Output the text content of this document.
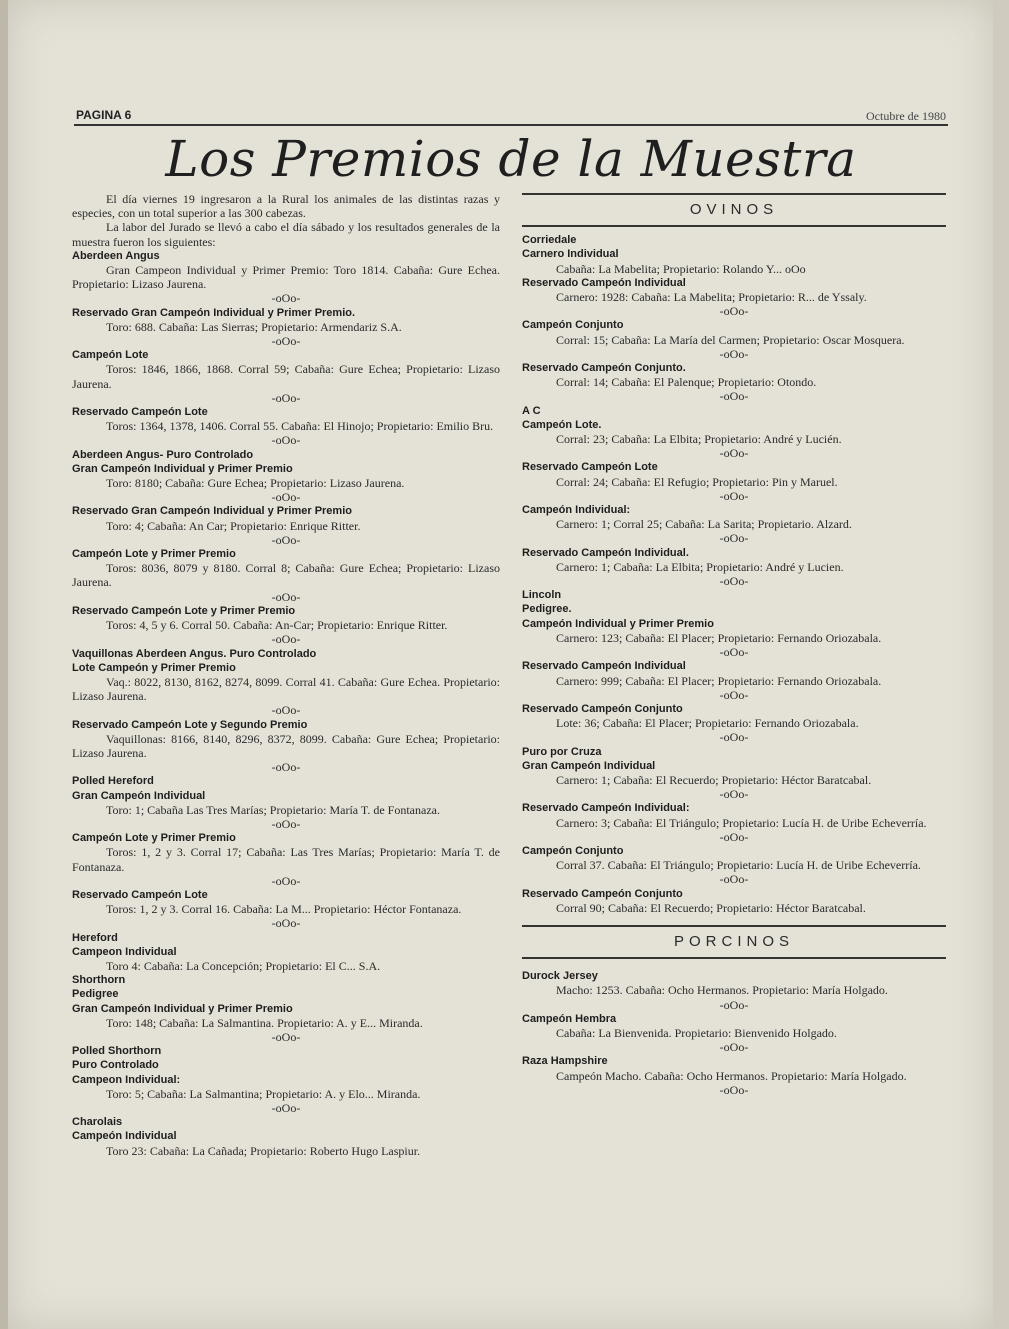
PAGINA 6	Octubre de 1980
Los Premios de la Muestra

El día viernes 19 ingresaron a la Rural los animales de las distintas razas y especies, con un total superior a las 300 cabezas.

La labor del Jurado se llevó a cabo el día sábado y los resultados generales de la muestra fueron los siguientes:

Aberdeen Angus

Gran Campeon Individual y Primer Premio: Toro 1814. Cabaña: Gure Echea. Propietario: Lizaso Jaurena.

-oOo-

Reservado Gran Campeón Individual y Primer Premio.

Toro: 688. Cabaña: Las Sierras; Propietario: Armendariz S.A.

-oOo-

Campeón Lote

Toros: 1846, 1866, 1868. Corral 59; Cabaña: Gure Echea; Propietario: Lizaso Jaurena.

-oOo-

Reservado Campeón Lote

Toros: 1364, 1378, 1406. Corral 55. Cabaña: El Hinojo; Propietario: Emilio Bru.

-oOo-

Aberdeen Angus- Puro Controlado

Gran Campeón Individual y Primer Premio

Toro: 8180; Cabaña: Gure Echea; Propietario: Lizaso Jaurena.

-oOo-

Reservado Gran Campeón Individual y Primer Premio

Toro: 4; Cabaña: An Car; Propietario: Enrique Ritter.

-oOo-

Campeón Lote y Primer Premio

Toros: 8036, 8079 y 8180. Corral 8; Cabaña: Gure Echea; Propietario: Lizaso Jaurena.

-oOo-

Reservado Campeón Lote y Primer Premio

Toros: 4, 5 y 6. Corral 50. Cabaña: An-Car; Propietario: Enrique Ritter.

-oOo-

Vaquillonas Aberdeen Angus. Puro Controlado

Lote Campeón y Primer Premio

Vaq.: 8022, 8130, 8162, 8274, 8099. Corral 41. Cabaña: Gure Echea. Propietario: Lizaso Jaurena.

-oOo-

Reservado Campeón Lote y Segundo Premio

Vaquillonas: 8166, 8140, 8296, 8372, 8099. Cabaña: Gure Echea; Propietario: Lizaso Jaurena.

-oOo-

Polled Hereford

Gran Campeón Individual

Toro: 1; Cabaña Las Tres Marías; Propietario: María T. de Fontanaza.

-oOo-

Campeón Lote y Primer Premio

Toros: 1, 2 y 3. Corral 17; Cabaña: Las Tres Marías; Propietario: María T. de Fontanaza.

-oOo-

Reservado Campeón Lote

Toros: 1, 2 y 3. Corral 16. Cabaña: La M... Propietario: Héctor Fontanaza.

-oOo-

Hereford

Campeon Individual

Toro 4: Cabaña: La Concepción; Propietario: El C... S.A.

Shorthorn

Pedigree

Gran Campeón Individual y Primer Premio

Toro: 148; Cabaña: La Salmantina. Propietario: A. y E... Miranda.

-oOo-

Polled Shorthorn

Puro Controlado

Campeon Individual:

Toro: 5; Cabaña: La Salmantina; Propietario: A. y Elo... Miranda.

-oOo-

Charolais

Campeón Individual

Toro 23: Cabaña: La Cañada; Propietario: Roberto Hugo Laspiur.

OVINOS

Corriedale

Carnero Individual

Cabaña: La Mabelita; Propietario: Rolando Y... oOo

Reservado Campeón Individual

Carnero: 1928: Cabaña: La Mabelita; Propietario: R... de Yssaly.

-oOo-

Campeón Conjunto

Corral: 15; Cabaña: La María del Carmen; Propietario: Oscar Mosquera.

-oOo-

Reservado Campeón Conjunto.

Corral: 14; Cabaña: El Palenque; Propietario: Otondo.

-oOo-

A C

Campeón Lote.

Corral: 23; Cabaña: La Elbita; Propietario: André y Lucién.

-oOo-

Reservado Campeón Lote

Corral: 24; Cabaña: El Refugio; Propietario: Pin y Maruel.

-oOo-

Campeón Individual:

Carnero: 1; Corral 25; Cabaña: La Sarita; Propietario. Alzard.

-oOo-

Reservado Campeón Individual.

Carnero: 1; Cabaña: La Elbita; Propietario: André y Lucien.

-oOo-

Lincoln

Pedigree.

Campeón Individual y Primer Premio

Carnero: 123; Cabaña: El Placer; Propietario: Fernando Oriozabala.

-oOo-

Reservado Campeón Individual

Carnero: 999; Cabaña: El Placer; Propietario: Fernando Oriozabala.

-oOo-

Reservado Campeón Conjunto

Lote: 36; Cabaña: El Placer; Propietario: Fernando Oriozabala.

-oOo-

Puro por Cruza

Gran Campeón Individual

Carnero: 1; Cabaña: El Recuerdo; Propietario: Héctor Baratcabal.

-oOo-

Reservado Campeón Individual:

Carnero: 3; Cabaña: El Triángulo; Propietario: Lucía H. de Uribe Echeverría.

-oOo-

Campeón Conjunto

Corral 37. Cabaña: El Triángulo; Propietario: Lucía H. de Uribe Echeverría.

-oOo-

Reservado Campeón Conjunto

Corral 90; Cabaña: El Recuerdo; Propietario: Héctor Baratcabal.

PORCINOS

Durock Jersey

Macho: 1253. Cabaña: Ocho Hermanos. Propietario: María Holgado.

-oOo-

Campeón Hembra

Cabaña: La Bienvenida. Propietario: Bienvenido Holgado.

-oOo-

Raza Hampshire

Campeón Macho. Cabaña: Ocho Hermanos. Propietario: María Holgado.

-oOo-
